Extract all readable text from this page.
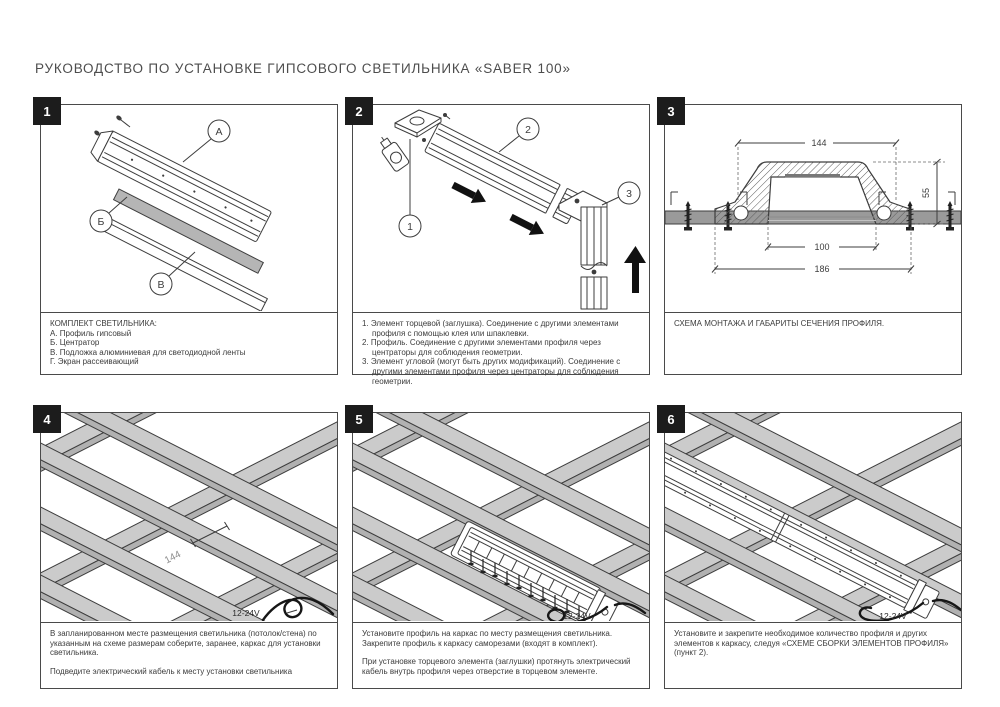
РУКОВОДСТВО ПО УСТАНОВКЕ ГИПСОВОГО СВЕТИЛЬНИКА «SABER 100»
1
А
Б
В
КОМПЛЕКТ СВЕТИЛЬНИКА:
А. Профиль гипсовый
Б. Центратор
В. Подложка алюминиевая для светодиодной ленты
Г. Экран рассеивающий
2
1
2
3
1. Элемент торцевой (заглушка). Соединение с другими элементами профиля с помощью клея или шпаклевки.
2. Профиль. Соединение с другими элементами профиля через центраторы для соблюдения геометрии.
3. Элемент угловой (могут быть других модификаций). Соединение с другими элементами профиля через центраторы для соблюдения геометрии.
3
144
55
100
186
СХЕМА МОНТАЖА И ГАБАРИТЫ СЕЧЕНИЯ ПРОФИЛЯ.
4
144
12-24V

В запланированном месте размещения светильника (потолок/стена) по указанным на схеме размерам соберите, заранее, каркас для установки светильника.

Подведите электрический кабель к месту установки светильника

5
12-24V

Установите профиль на каркас по месту размещения светильника. Закрепите профиль к каркасу саморезами (входят в комплект).

При установке торцевого элемента (заглушки) протянуть электрический кабель внутрь профиля через отверстие в торцевом элементе.

6
12-24V

Установите и закрепите необходимое количество профиля и других элементов к каркасу, следуя «СХЕМЕ СБОРКИ ЭЛЕМЕНТОВ ПРОФИЛЯ» (пункт 2).
